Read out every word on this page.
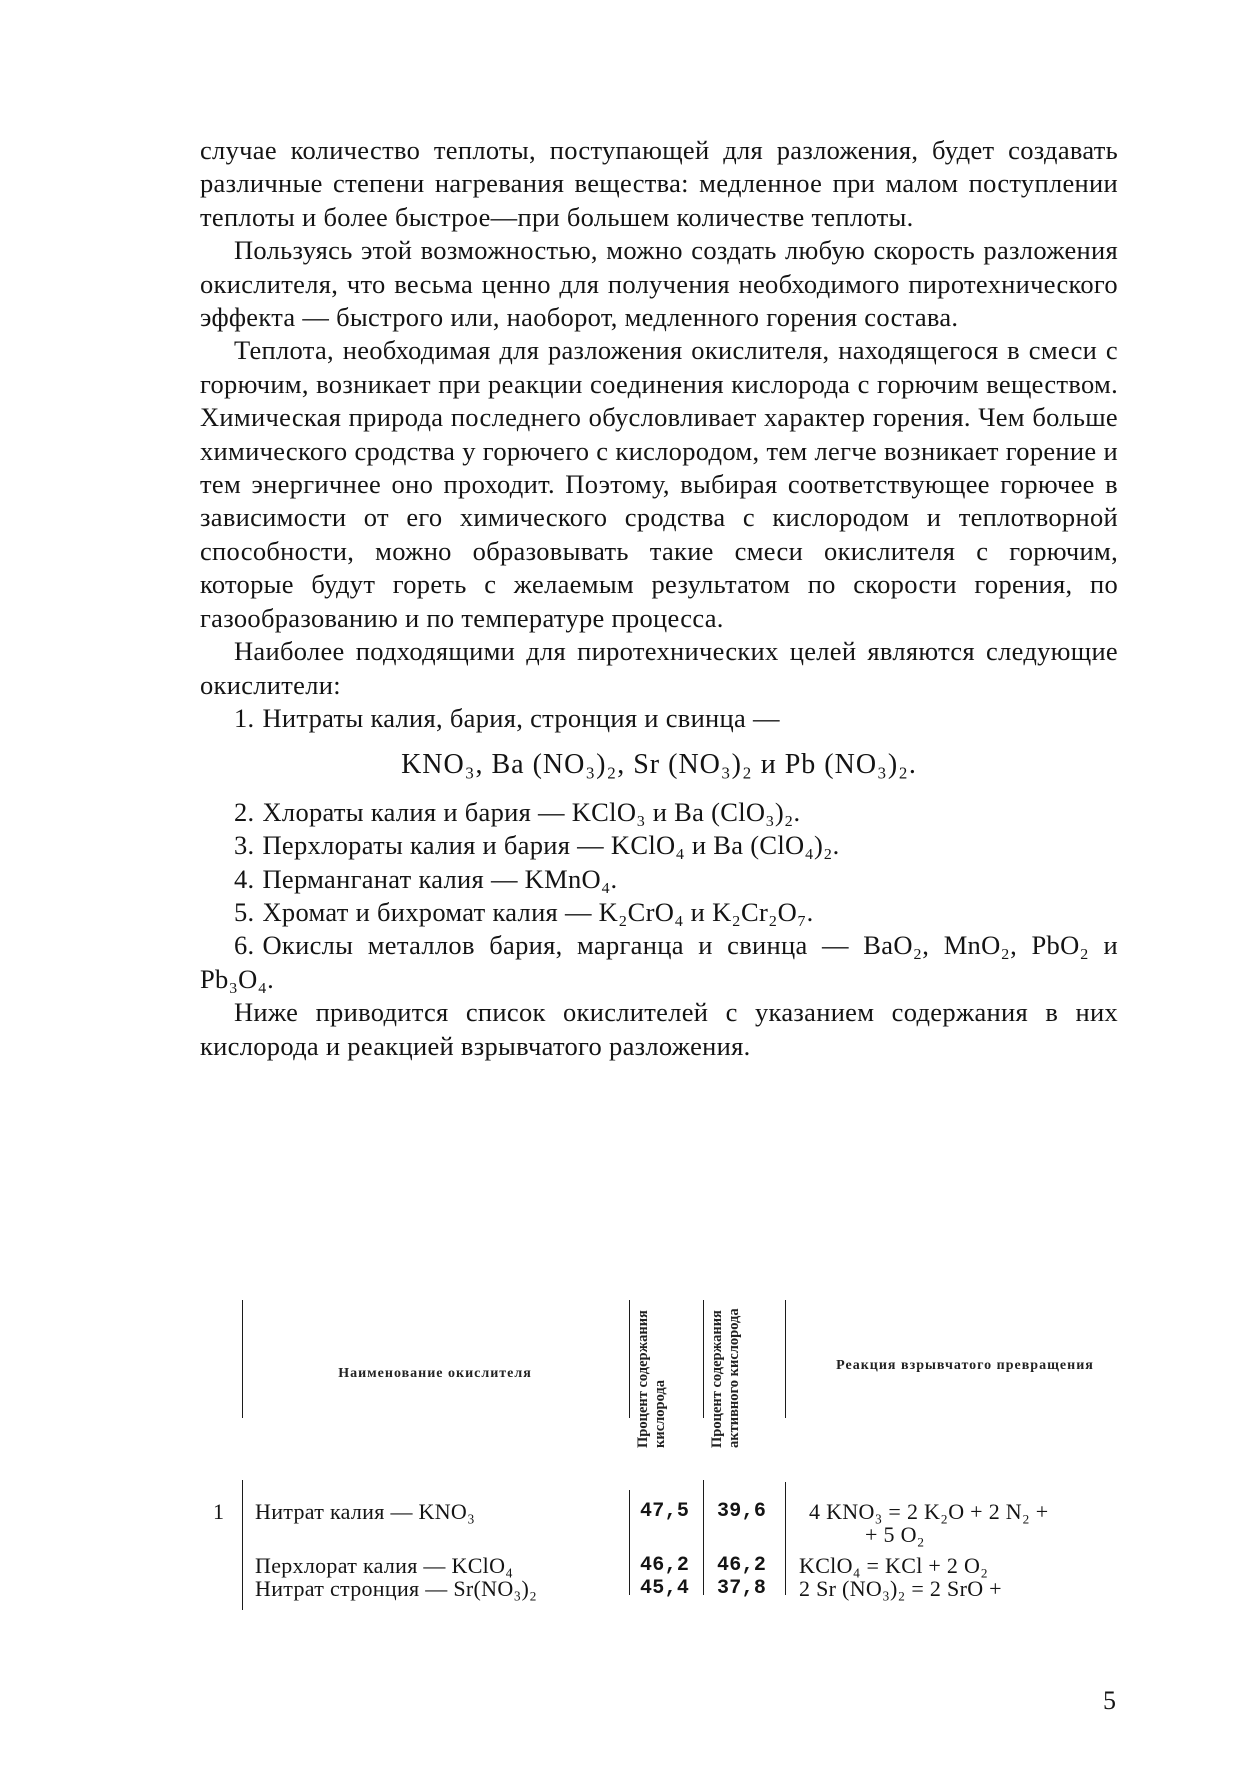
случае количество теплоты, поступающей для разложения, будет создавать различные степени нагревания вещества: медленное при малом поступлении теплоты и более быстрое—при большем количестве теплоты.

Пользуясь этой возможностью, можно создать любую скорость разложения окислителя, что весьма ценно для получения необходимого пиротехнического эффекта — быстрого или, наоборот, медленного горения состава.

Теплота, необходимая для разложения окислителя, находящегося в смеси с горючим, возникает при реакции соединения кислорода с горючим веществом. Химическая природа последнего обусловливает характер горения. Чем больше химического сродства у горючего с кислородом, тем легче возникает горение и тем энергичнее оно проходит. Поэтому, выбирая соответствующее горючее в зависимости от его химического сродства с кислородом и теплотворной способности, можно образовывать такие смеси окислителя с горючим, которые будут гореть с желаемым результатом по скорости горения, по газообразованию и по температуре процесса.

Наиболее подходящими для пиротехнических целей являются следующие окислители:

1. Нитраты калия, бария, стронция и свинца —
KNO₃, Ba (NO₃)₂, Sr (NO₃)₂ и Pb (NO₃)₂.
2. Хлораты калия и бария — KClO₃ и Ba (ClO₃)₂.
3. Перхлораты калия и бария — KClO₄ и Ba (ClO₄)₂.
4. Перманганат калия — KMnO₄.
5. Хромат и бихромат калия — K₂CrO₄ и K₂Cr₂O₇.
6. Окислы металлов бария, марганца и свинца — BaO₂, MnO₂, PbO₂ и Pb₃O₄.

Ниже приводится список окислителей с указанием содержания в них кислорода и реакцией взрывчатого разложения.

Наименование окислителя	Процент содержания кислорода	Процент содержания активного кислорода	Реакция взрывчатого превращения
1 Нитрат калия — KNO₃	47,5 39,6 4 KNO₃ = 2 K₂O + 2 N₂ +
+ 5 O₂
Перхлорат калия — KClO₄	46,2 46,2 KClO₄ = KCl + 2 O₂
Нитрат стронция — Sr(NO₃)₂	45,4 37,8 2 Sr (NO₃)₂ = 2 SrO +
5
